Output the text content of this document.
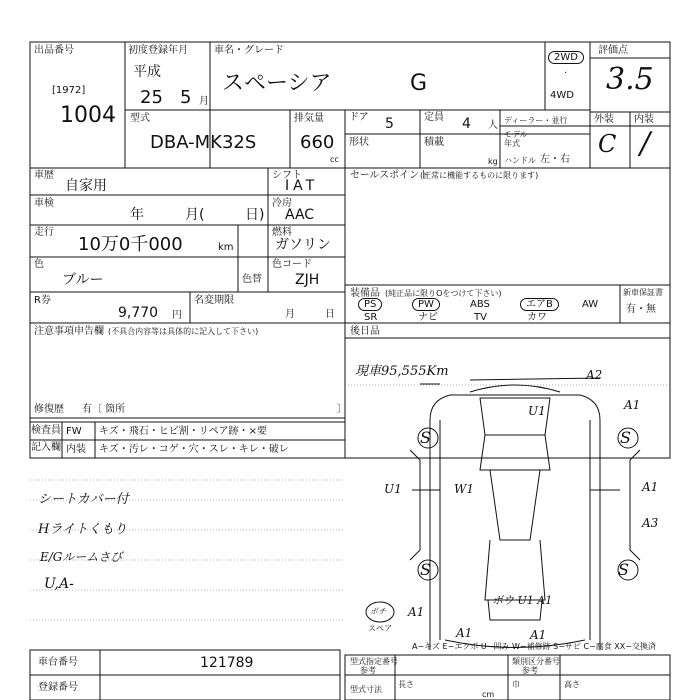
出品番号
[1972]
1004
初度登録年月
平成
25 5 月
車名・グレード
スペーシア	G
2WD
·
4WD
評価点
3.5
外装 内装
C /
型式
DBA-MK32S
排気量
660
cc
ドア 5
形状
定員 4 人
積載
kg
ディーラー・並行
モデル年式
ハンドル 左・右
車歴
自家用
シフト
IAT
車検
年	月(	日)
冷房
AAC
走行
10万0千000	km
燃料
ガソリン
色
ブルー	色替
色コード
ZJH
R券
9,770 円
名変期限
月	日
セールスポイント
(正常に機能するものに限ります)
装備品 (純正品に限りΟをつけて下さい)
PS	PW	ABS	エアB	AW
SR	ナビ	TV	カワ
新車保証書
有・無
後日品
注意事項申告欄 (不具合内容等は具体的に記入して下さい)
修復歴 有〔 箇所	〕
検査員
記入欄
FW キズ・飛石・ヒビ割・リペア跡・×要
内装 キズ・汚レ・コゲ・穴・スレ・キレ・破レ
現車95,555Km
シートカバー付
Hライトくもり
E/Gルームさび
U,A-
A2
U1	A1
S	S
U1	W1	A1
A3
S	S
A1
A1	A1
ボウ U1 A1
ポチ
スペア
A−キズ E−エクボ U−凹み W−補修跡 S−サビ C−腐食 XX−交換済
車台番号	121789
登録番号
型式指定番号
参考
類別区分番号
参考
型式寸法
長さ
cm
巾	高さ
